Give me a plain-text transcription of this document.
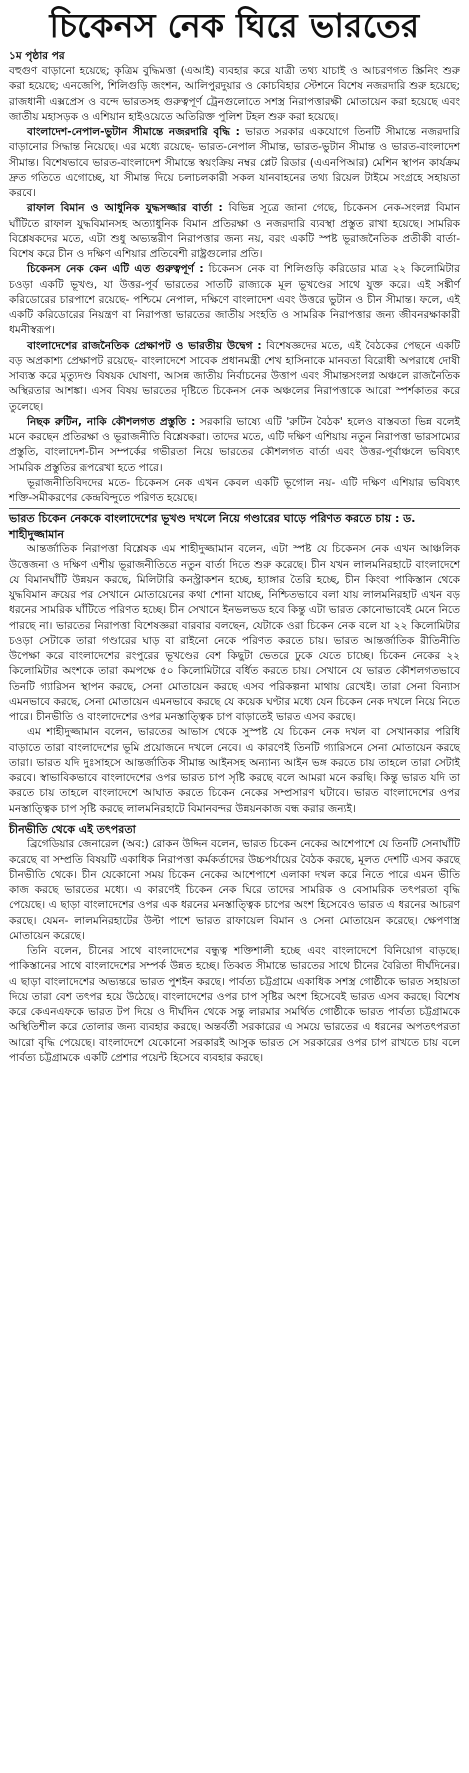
চিকেনস নেক ঘিরে ভারতের
১ম পৃষ্ঠার পর

বহুগুণ বাড়ানো হয়েছে; কৃত্রিম বুদ্ধিমত্তা (এআই) ব্যবহার করে যাত্রী তথ্য যাচাই ও আচরণগত স্ক্রিনিং শুরু করা হয়েছে; এনজেপি, শিলিগুড়ি জংশন, আলিপুরদুয়ার ও কোচবিহার স্টেশনে বিশেষ নজরদারি শুরু হয়েছে; রাজধানী এক্সপ্রেস ও বন্দে ভারতসহ গুরুত্বপূর্ণ ট্রেনগুলোতে সশস্ত্র নিরাপত্তারক্ষী মোতায়েন করা হয়েছে এবং জাতীয় মহাসড়ক ও এশিয়ান হাইওয়েতে অতিরিক্ত পুলিশ টহল শুরু করা হয়েছে।

বাংলাদেশ-নেপাল-ভুটান সীমান্তে নজরদারি বৃদ্ধি : ভারত সরকার একযোগে তিনটি সীমান্তে নজরদারি বাড়ানোর সিদ্ধান্ত নিয়েছে। এর মধ্যে রয়েছে- ভারত-নেপাল সীমান্ত, ভারত-ভুটান সীমান্ত ও ভারত-বাংলাদেশ সীমান্ত। বিশেষভাবে ভারত-বাংলাদেশ সীমান্তে স্বয়ংক্রিয় নম্বর প্লেট রিডার (এএনপিআর) মেশিন স্থাপন কার্যক্রম দ্রুত গতিতে এগোচ্ছে, যা সীমান্ত দিয়ে চলাচলকারী সকল যানবাহনের তথ্য রিয়েল টাইমে সংগ্রহে সহায়তা করবে।

রাফাল বিমান ও আধুনিক যুদ্ধসজ্জার বার্তা : বিভিন্ন সূত্রে জানা গেছে, চিকেনস নেক-সংলগ্ন বিমান ঘাঁটিতে রাফাল যুদ্ধবিমানসহ অত্যাধুনিক বিমান প্রতিরক্ষা ও নজরদারি ব্যবস্থা প্রস্তুত রাখা হয়েছে। সামরিক বিশ্লেষকদের মতে, এটা শুধু অভ্যন্তরীণ নিরাপত্তার জন্য নয়, বরং একটি স্পষ্ট ভূরাজনৈতিক প্রতীকী বার্তা-বিশেষ করে চীন ও দক্ষিণ এশিয়ার প্রতিবেশী রাষ্ট্রগুলোর প্রতি।

চিকেনস নেক কেন এটি এত গুরুত্বপূর্ণ : চিকেনস নেক বা শিলিগুড়ি করিডোর মাত্র ২২ কিলোমিটার চওড়া একটি ভূখণ্ড, যা উত্তর-পূর্ব ভারতের সাতটি রাজ্যকে মূল ভূখণ্ডের সাথে যুক্ত করে। এই সঙ্কীর্ণ করিডোরের চারপাশে রয়েছে- পশ্চিমে নেপাল, দক্ষিণে বাংলাদেশ এবং উত্তরে ভুটান ও চীন সীমান্ত। ফলে, এই একটি করিডোরের নিয়ন্ত্রণ বা নিরাপত্তা ভারতের জাতীয় সংহতি ও সামরিক নিরাপত্তার জন্য জীবনরক্ষাকারী ধমনীস্বরূপ।

বাংলাদেশের রাজনৈতিক প্রেক্ষাপট ও ভারতীয় উদ্বেগ : বিশেষজ্ঞদের মতে, এই বৈঠকের পেছনে একটি বড় অপ্রকাশ্য প্রেক্ষাপট রয়েছে- বাংলাদেশে সাবেক প্রধানমন্ত্রী শেখ হাসিনাকে মানবতা বিরোধী অপরাধে দোষী সাব্যস্ত করে মৃত্যুদণ্ড বিষয়ক ঘোষণা, আসন্ন জাতীয় নির্বাচনের উত্তাপ এবং সীমান্তসংলগ্ন অঞ্চলে রাজনৈতিক অস্থিরতার আশঙ্কা। এসব বিষয় ভারতের দৃষ্টিতে চিকেনস নেক অঞ্চলের নিরাপত্তাকে আরো স্পর্শকাতর করে তুলেছে।

নিছক রুটিন, নাকি কৌশলগত প্রস্তুতি : সরকারি ভাষ্যে এটি 'রুটিন বৈঠক' হলেও বাস্তবতা ভিন্ন বলেই মনে করছেন প্রতিরক্ষা ও ভূরাজনীতি বিশ্লেষকরা। তাদের মতে, এটি দক্ষিণ এশিয়ায় নতুন নিরাপত্তা ভারসাম্যের প্রস্তুতি, বাংলাদেশ-চীন সম্পর্কের গভীরতা নিয়ে ভারতের কৌশলগত বার্তা এবং উত্তর-পূর্বাঞ্চলে ভবিষ্যৎ সামরিক প্রস্তুতির রূপরেখা হতে পারে।

ভূরাজনীতিবিদদের মতে- চিকেনস নেক এখন কেবল একটি ভূগোল নয়- এটি দক্ষিণ এশিয়ার ভবিষ্যৎ শক্তি-সমীকরণের কেন্দ্রবিন্দুতে পরিণত হয়েছে।

ভারত চিকেন নেককে বাংলাদেশের ভূখণ্ড দখলে নিয়ে গণ্ডারের ঘাড়ে পরিণত করতে চায় : ড. শাহীদুজ্জামান

আন্তর্জাতিক নিরাপত্তা বিশ্লেষক এম শাহীদুজ্জামান বলেন, এটা স্পষ্ট যে চিকেনস নেক এখন আঞ্চলিক উত্তেজনা ও দক্ষিণ এশীয় ভূরাজনীতিতে নতুন বার্তা দিতে শুরু করেছে। চীন যখন লালমনিরহাটে বাংলাদেশে যে বিমানঘাঁটি উন্নয়ন করছে, মিলিটারি কনস্ট্রাকশন হচ্ছে, হ্যাঙ্গার তৈরি হচ্ছে, চীন কিংবা পাকিস্তান থেকে যুদ্ধবিমান ক্রয়ের পর সেখানে মোতায়েনের কথা শোনা যাচ্ছে, নিশ্চিতভাবে বলা যায় লালমনিরহাট এখন বড় ধরনের সামরিক ঘাঁটিতে পরিণত হচ্ছে। চীন সেখানে ইনভলভড হবে কিন্তু এটা ভারত কোনোভাবেই মেনে নিতে পারছে না। ভারতের নিরাপত্তা বিশেষজ্ঞরা বারবার বলছেন, যেটাকে ওরা চিকেন নেক বলে যা ২২ কিলোমিটার চওড়া সেটাকে তারা গণ্ডারের ঘাড় বা রাইনো নেকে পরিণত করতে চায়। ভারত আন্তর্জাতিক রীতিনীতি উপেক্ষা করে বাংলাদেশের রংপুরের ভূখণ্ডের বেশ কিছুটা ভেতরে ঢুকে যেতে চাচ্ছে। চিকেন নেকের ২২ কিলোমিটার অংশকে তারা কমপক্ষে ৫০ কিলোমিটারে বর্ধিত করতে চায়। সেখানে যে ভারত কৌশলগতভাবে তিনটি গ্যারিসন স্থাপন করছে, সেনা মোতায়েন করছে এসব পরিকল্পনা মাথায় রেখেই। তারা সেনা বিন্যাস এমনভাবে করছে, সেনা মোতায়েন এমনভাবে করছে যে কয়েক ঘণ্টার মধ্যে যেন চিকেন নেক দখলে নিয়ে নিতে পারে। চীনভীতি ও বাংলাদেশের ওপর মনস্তাত্ত্বিক চাপ বাড়াতেই ভারত এসব করছে।

এম শাহীদুজ্জামান বলেন, ভারতের আভাস থেকে সুস্পষ্ট যে চিকেন নেক দখল বা সেখানকার পরিধি বাড়াতে তারা বাংলাদেশের ভূমি প্রয়োজনে দখলে নেবে। এ কারণেই তিনটি গ্যারিসনে সেনা মোতায়েন করছে তারা। ভারত যদি দুঃসাহসে আন্তর্জাতিক সীমান্ত আইনসহ অন্যান্য আইন ভঙ্গ করতে চায় তাহলে তারা সেটাই করবে। স্বাভাবিকভাবে বাংলাদেশের ওপর ভারত চাপ সৃষ্টি করছে বলে আমরা মনে করছি। কিন্তু ভারত যদি তা করতে চায় তাহলে বাংলাদেশে আঘাত করতে চিকেন নেকের সম্প্রসারণ ঘটাবে। ভারত বাংলাদেশের ওপর মনস্তাত্ত্বিক চাপ সৃষ্টি করছে লালমনিরহাটে বিমানবন্দর উন্নয়নকাজ বন্ধ করার জন্যই।

চীনভীতি থেকে এই তৎপরতা

ব্রিগেডিয়ার জেনারেল (অব:) রোকন উদ্দিন বলেন, ভারত চিকেন নেকের আশেপাশে যে তিনটি সেনাঘাঁটি করেছে বা সম্প্রতি বিষয়টি একাধিক নিরাপত্তা কর্মকর্তাদের উচ্চপর্যায়ের বৈঠক করছে, মূলত দেশটি এসব করছে চীনভীতি থেকে। চীন যেকোনো সময় চিকেন নেকের আশেপাশে এলাকা দখল করে নিতে পারে এমন ভীতি কাজ করছে ভারতের মধ্যে। এ কারণেই চিকেন নেক ঘিরে তাদের সামরিক ও বেসামরিক তৎপরতা বৃদ্ধি পেয়েছে। এ ছাড়া বাংলাদেশের ওপর এক ধরনের মনস্তাত্ত্বিক চাপের অংশ হিসেবেও ভারত এ ধরনের আচরণ করছে। যেমন- লালমনিরহাটের উল্টা পাশে ভারত রাফায়েল বিমান ও সেনা মোতায়েন করেছে। ক্ষেপণাস্ত্র মোতায়েন করেছে।

তিনি বলেন, চীনের সাথে বাংলাদেশের বন্ধুত্ব শক্তিশালী হচ্ছে এবং বাংলাদেশে বিনিয়োগ বাড়ছে। পাকিস্তানের সাথে বাংলাদেশের সম্পর্ক উন্নত হচ্ছে। তিব্বত সীমান্তে ভারতের সাথে চীনের বৈরিতা দীর্ঘদিনের। এ ছাড়া বাংলাদেশের অভ্যন্তরে ভারত পুশইন করছে। পার্বত্য চট্টগ্রামে একাধিক সশস্ত্র গোষ্ঠীকে ভারত সহায়তা দিয়ে তারা বেশ তৎপর হয়ে উঠেছে। বাংলাদেশের ওপর চাপ সৃষ্টির অংশ হিসেবেই ভারত এসব করছে। বিশেষ করে কেএনএফকে ভারত টপ দিয়ে ও দীর্ঘদিন থেকে সন্তু লারমার সমর্থিত গোষ্ঠীকে ভারত পার্বত্য চট্টগ্রামকে অস্থিতিশীল করে তোলার জন্য ব্যবহার করছে। অন্তর্বর্তী সরকারের এ সময়ে ভারতের এ ধরনের অপতৎপরতা আরো বৃদ্ধি পেয়েছে। বাংলাদেশে যেকোনো সরকারই আসুক ভারত সে সরকারের ওপর চাপ রাখতে চায় বলে পার্বত্য চট্টগ্রামকে একটি প্রেশার পয়েন্ট হিসেবে ব্যবহার করছে।
